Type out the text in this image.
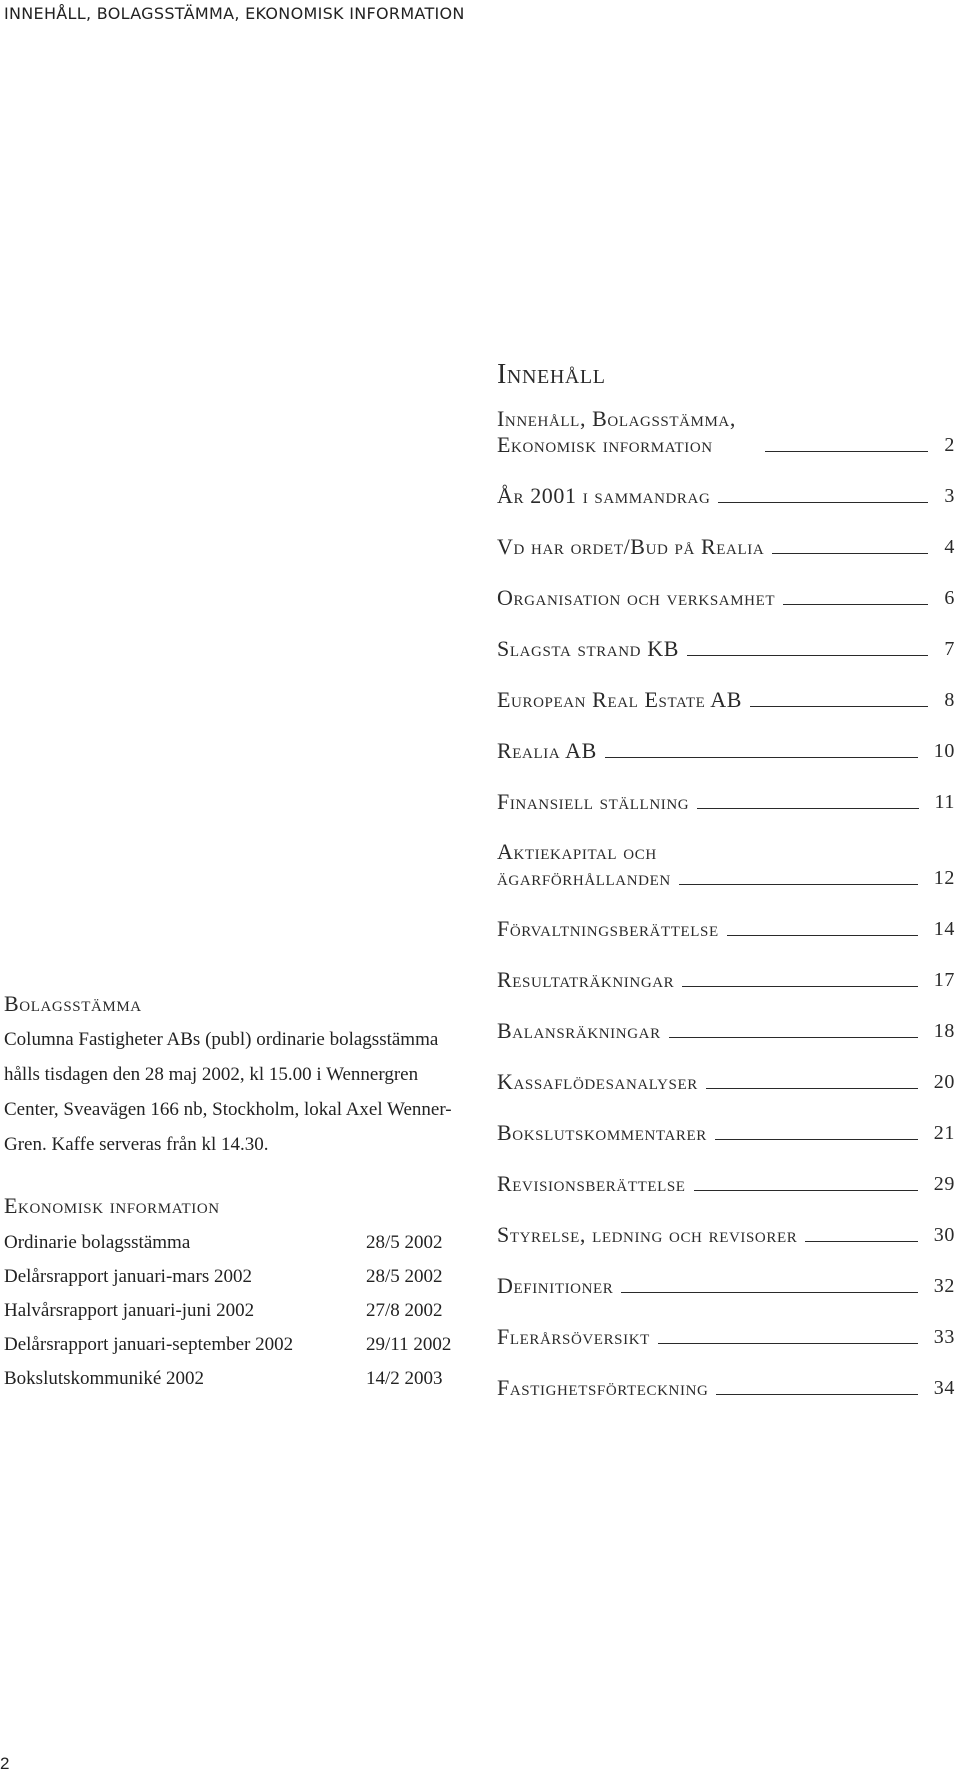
INNEHÅLL, BOLAGSSTÄMMA, EKONOMISK INFORMATION
Innehåll
Innehåll, Bolagsstämma,
Ekonomisk information	2
År 2001 i sammandrag	3
Vd har ordet/Bud på Realia	4
Organisation och verksamhet	6
Slagsta strand KB	7
European Real Estate AB	8
Realia AB	10
Finansiell ställning	11
Aktiekapital och
ägarförhållanden	12
Förvaltningsberättelse	14
Resultaträkningar	17
Balansräkningar	18
Kassaflödesanalyser	20
Bokslutskommentarer	21
Revisionsberättelse	29
Styrelse, ledning och revisorer	30
Definitioner	32
Flerårsöversikt	33
Fastighetsförteckning	34
Bolagsstämma

Columna Fastigheter ABs (publ) ordinarie bolagsstämma hålls tisdagen den 28 maj 2002, kl 15.00 i Wennergren Center, Sveavägen 166 nb, Stockholm, lokal Axel Wenner-Gren. Kaffe serveras från kl 14.30.

Ekonomisk information
Ordinarie bolagsstämma	28/5 2002
Delårsrapport januari-mars 2002	28/5 2002
Halvårsrapport januari-juni 2002	27/8 2002
Delårsrapport januari-september 2002	29/11 2002
Bokslutskommuniké 2002	14/2 2003
2
